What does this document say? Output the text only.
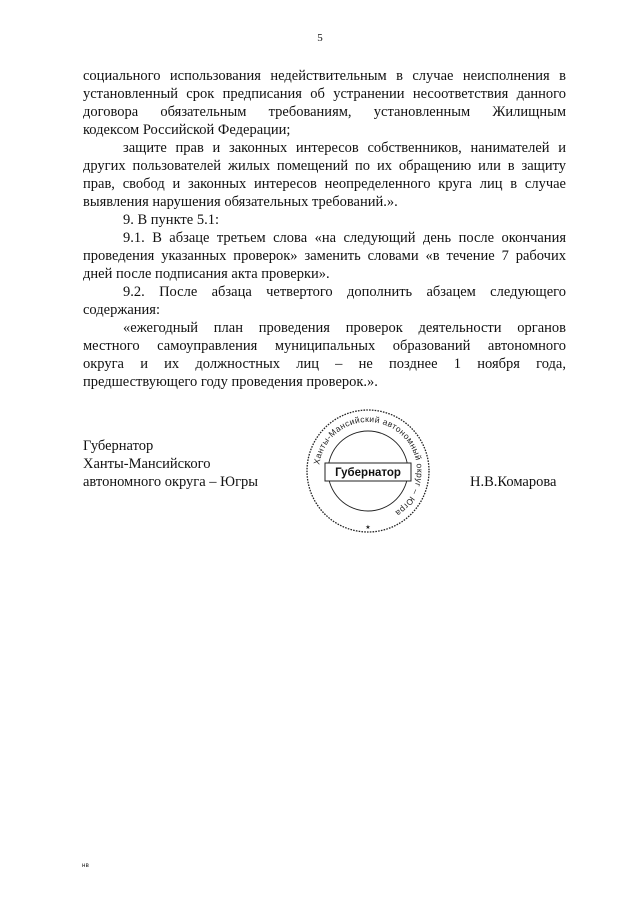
5
социального использования недействительным в случае неисполнения в
установленный срок предписания об устранении несоответствия данного
договора обязательным требованиям, установленным Жилищным
кодексом Российской Федерации;
защите прав и законных интересов собственников, нанимателей и
других пользователей жилых помещений по их обращению или в защиту
прав, свобод и законных интересов неопределенного круга лиц в случае
выявления нарушения обязательных требований.».
9. В пункте 5.1:
9.1. В абзаце третьем слова «на следующий день после окончания
проведения указанных проверок» заменить словами «в течение 7 рабочих
дней после подписания акта проверки».
9.2. После абзаца четвертого дополнить абзацем следующего
содержания:
«ежегодный план проведения проверок деятельности органов
местного самоуправления муниципальных образований автономного
округа и их должностных лиц – не позднее 1 ноября года,
предшествующего году проведения проверок.».
Губернатор
Ханты-Мансийского
автономного округа – Югры	Н.В.Комарова
Ханты-Мансийский автономный округ – Югра
Губернатор
★
нв
